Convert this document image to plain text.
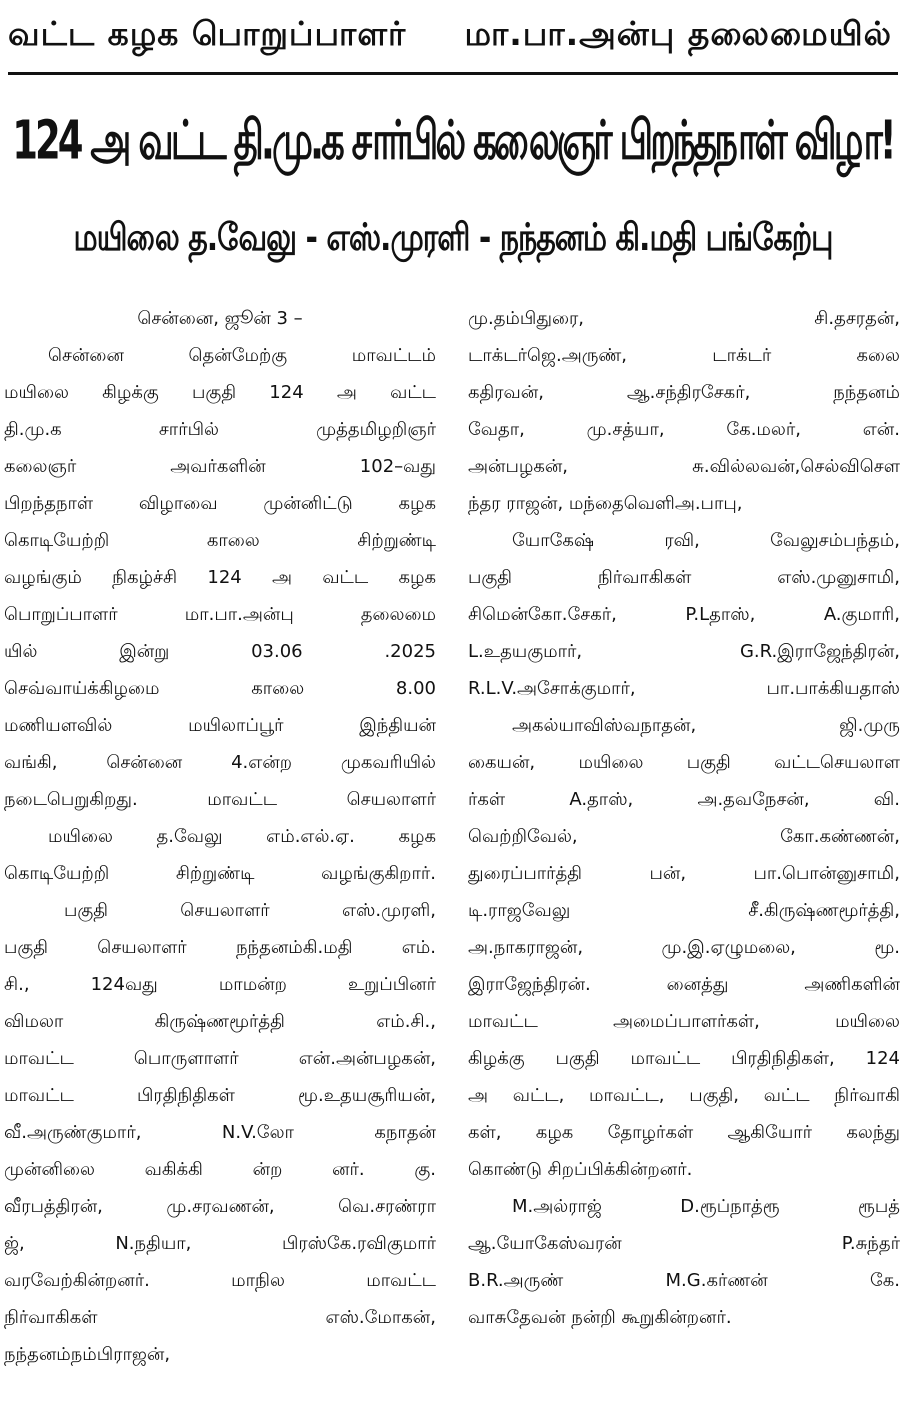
வட்ட கழக பொறுப்பாளர் மா.பா.அன்பு தலைமையில்
124 அ வட்ட தி.மு.க சார்பில் கலைஞர் பிறந்தநாள் விழா!
மயிலை த.வேலு - எஸ்.முரளி - நந்தனம் கி.மதி பங்கேற்பு
சென்னை, ஜூன் 3 –
சென்னை தென்மேற்கு மாவட்டம்
மயிலை கிழக்கு பகுதி 124 அ வட்ட
தி.மு.க சார்பில் முத்தமிழறிஞர்
கலைஞர் அவர்களின் 102–வது
பிறந்தநாள் விழாவை முன்னிட்டு கழக
கொடியேற்றி காலை சிற்றுண்டி
வழங்கும் நிகழ்ச்சி 124 அ வட்ட கழக
பொறுப்பாளர் மா.பா.அன்பு தலைமை
யில் இன்று 03.06 .2025
செவ்வாய்க்கிழமை காலை 8.00
மணியளவில் மயிலாப்பூர் இந்தியன்
வங்கி, சென்னை 4.என்ற முகவரியில்
நடைபெறுகிறது. மாவட்ட செயலாளர்
மயிலை த.வேலு எம்.எல்.ஏ. கழக
கொடியேற்றி சிற்றுண்டி வழங்குகிறார்.
பகுதி செயலாளர் எஸ்.முரளி,
பகுதி செயலாளர் நந்தனம்கி.மதி எம்.
சி., 124வது மாமன்ற உறுப்பினர்
விமலா கிருஷ்ணமூர்த்தி எம்.சி.,
மாவட்ட பொருளாளர் என்.அன்பழகன்,
மாவட்ட பிரதிநிதிகள் மூ.உதயசூரியன்,
வீ.அருண்குமார், N.V.லோ கநாதன்
முன்னிலை வகிக்கி ன்ற னர். கு.
வீரபத்திரன், மு.சரவணன், வெ.சரண்ரா
ஜ், N.நதியா, பிரஸ்கே.ரவிகுமார்
வரவேற்கின்றனர். மாநில மாவட்ட
நிர்வாகிகள் எஸ்.மோகன்,
நந்தனம்நம்பிராஜன்,
மு.தம்பிதுரை, சி.தசரதன்,
டாக்டர்ஜெ.அருண், டாக்டர் கலை
கதிரவன், ஆ.சந்திரசேகர், நந்தனம்
வேதா, மு.சத்யா, கே.மலர், என்.
அன்பழகன், சு.வில்லவன்,செல்விசௌ
ந்தர ராஜன், மந்தைவெளிஅ.பாபு,
யோகேஷ் ரவி, வேலுசம்பந்தம்,
பகுதி நிர்வாகிகள் எஸ்.முனுசாமி,
சிமென்கோ.சேகர், P.Lதாஸ், A.குமாரி,
L.உதயகுமார், G.R.இராஜேந்திரன்,
R.L.V.அசோக்குமார், பா.பாக்கியதாஸ்
அகல்யாவிஸ்வநாதன், ஜி.முரு
கையன், மயிலை பகுதி வட்டசெயலாள
ர்கள் A.தாஸ், அ.தவநேசன், வி.
வெற்றிவேல், கோ.கண்ணன்,
துரைப்பார்த்தி பன், பா.பொன்னுசாமி,
டி.ராஜவேலு சீ.கிருஷ்ணமூர்த்தி,
அ.நாகராஜன், மு.இ.ஏழுமலை, மூ.
இராஜேந்திரன். னைத்து அணிகளின்
மாவட்ட அமைப்பாளர்கள், மயிலை
கிழக்கு பகுதி மாவட்ட பிரதிநிதிகள், 124
அ வட்ட, மாவட்ட, பகுதி, வட்ட நிர்வாகி
கள், கழக தோழர்கள் ஆகியோர் கலந்து
கொண்டு சிறப்பிக்கின்றனர்.
M.அல்ராஜ் D.ரூப்நாத்ரூ ரூபத்
ஆ.யோகேஸ்வரன் P.சுந்தர்
B.R.அருண் M.G.கர்ணன் கே.
வாசுதேவன் நன்றி கூறுகின்றனர்.
